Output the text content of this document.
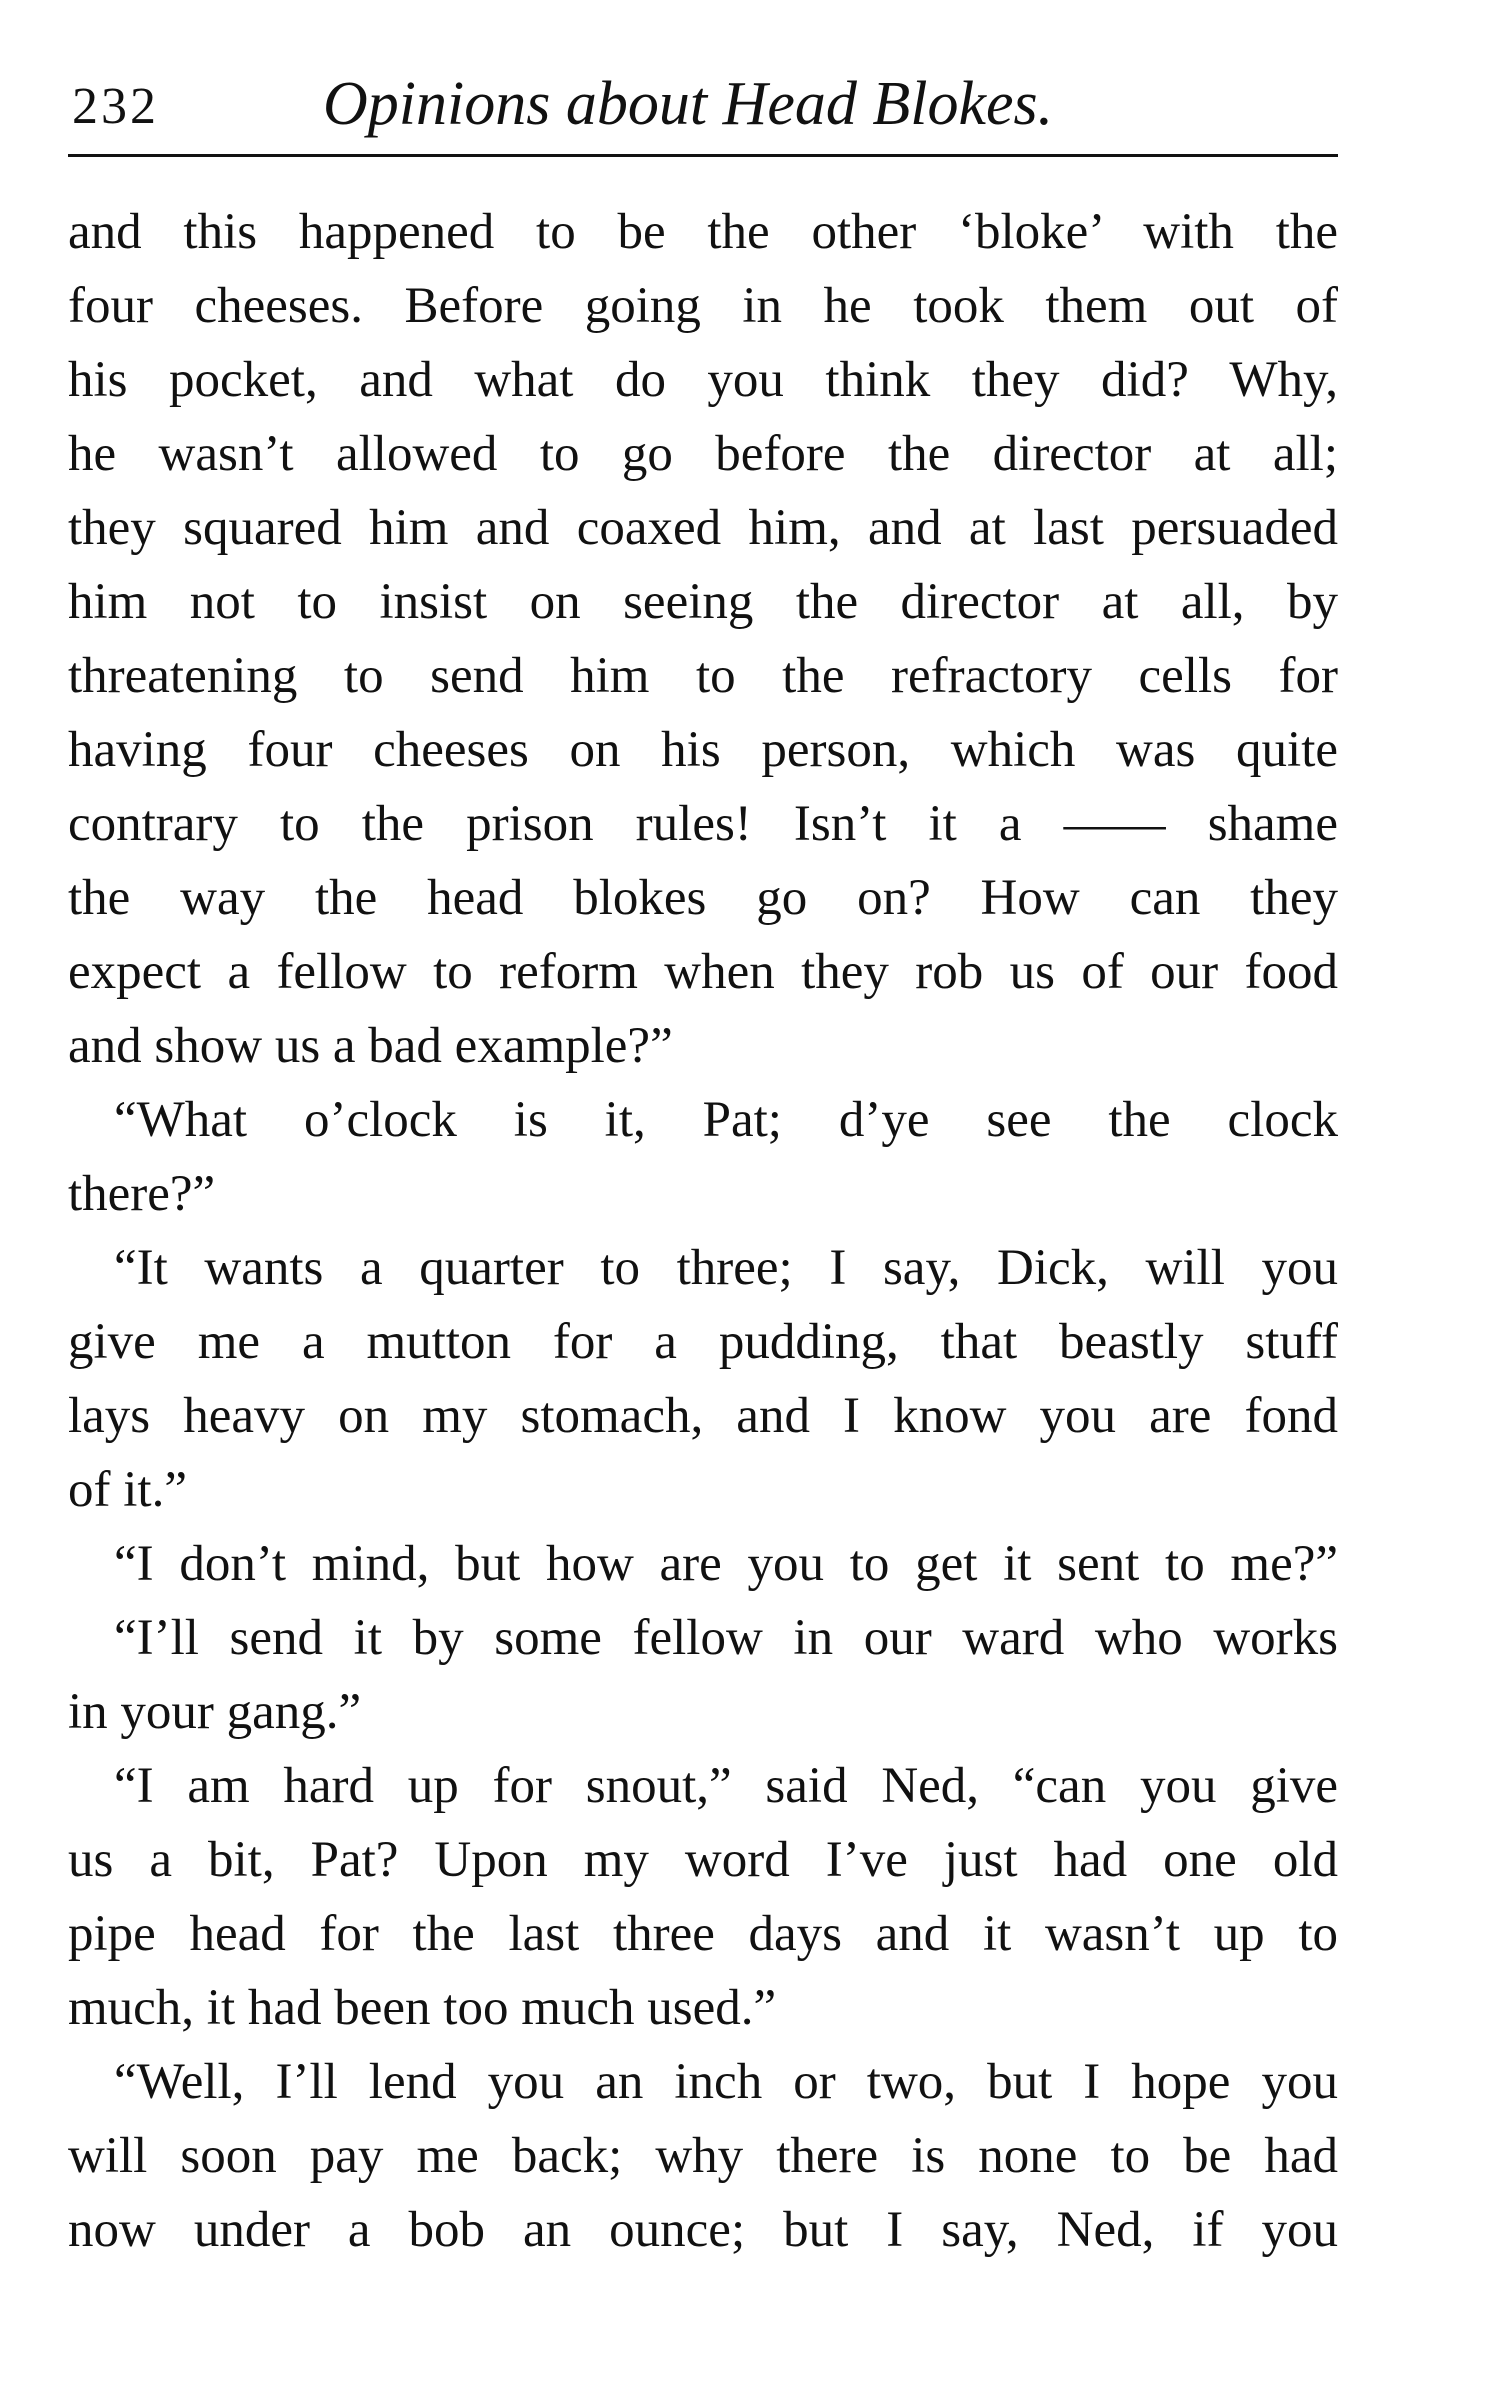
232	Opinions about Head Blokes.
and this happened to be the other ‘bloke’ with the
four cheeses. Before going in he took them out of
his pocket, and what do you think they did? Why,
he wasn’t allowed to go before the director at all;
they squared him and coaxed him, and at last persuaded
him not to insist on seeing the director at all, by
threatening to send him to the refractory cells for
having four cheeses on his person, which was quite
contrary to the prison rules! Isn’t it a —— shame
the way the head blokes go on? How can they
expect a fellow to reform when they rob us of our food
and show us a bad example?”
“What o’clock is it, Pat; d’ye see the clock
there?”
“It wants a quarter to three; I say, Dick, will you
give me a mutton for a pudding, that beastly stuff
lays heavy on my stomach, and I know you are fond
of it.”
“I don’t mind, but how are you to get it sent to me?”
“I’ll send it by some fellow in our ward who works
in your gang.”
“I am hard up for snout,” said Ned, “can you give
us a bit, Pat? Upon my word I’ve just had one old
pipe head for the last three days and it wasn’t up to
much, it had been too much used.”
“Well, I’ll lend you an inch or two, but I hope you
will soon pay me back; why there is none to be had
now under a bob an ounce; but I say, Ned, if you
